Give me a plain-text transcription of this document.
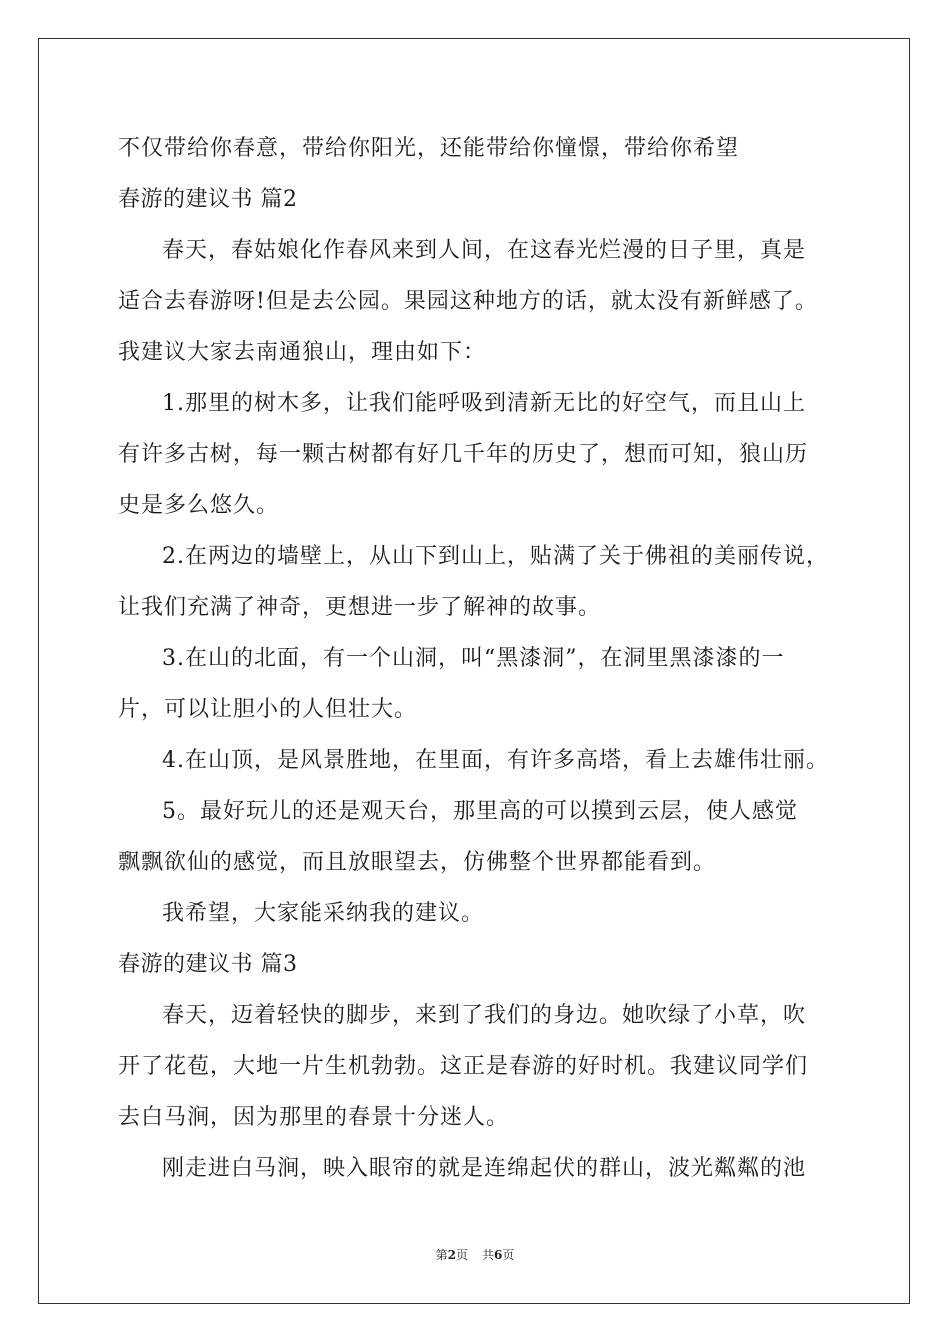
不仅带给你春意，带给你阳光，还能带给你憧憬，带给你希望
春游的建议书 篇2
春天，春姑娘化作春风来到人间，在这春光烂漫的日子里，真是
适合去春游呀!但是去公园。果园这种地方的话，就太没有新鲜感了。
我建议大家去南通狼山，理由如下：
1.那里的树木多，让我们能呼吸到清新无比的好空气，而且山上
有许多古树，每一颗古树都有好几千年的历史了，想而可知，狼山历
史是多么悠久。
2.在两边的墙壁上，从山下到山上，贴满了关于佛祖的美丽传说，
让我们充满了神奇，更想进一步了解神的故事。
3.在山的北面，有一个山洞，叫“黑漆洞”，在洞里黑漆漆的一
片，可以让胆小的人但壮大。
4.在山顶，是风景胜地，在里面，有许多高塔，看上去雄伟壮丽。
5。最好玩儿的还是观天台，那里高的可以摸到云层，使人感觉
飘飘欲仙的感觉，而且放眼望去，仿佛整个世界都能看到。
我希望，大家能采纳我的建议。
春游的建议书 篇3
春天，迈着轻快的脚步，来到了我们的身边。她吹绿了小草，吹
开了花苞，大地一片生机勃勃。这正是春游的好时机。我建议同学们
去白马涧，因为那里的春景十分迷人。
刚走进白马涧，映入眼帘的就是连绵起伏的群山，波光粼粼的池
第2页 共6页
